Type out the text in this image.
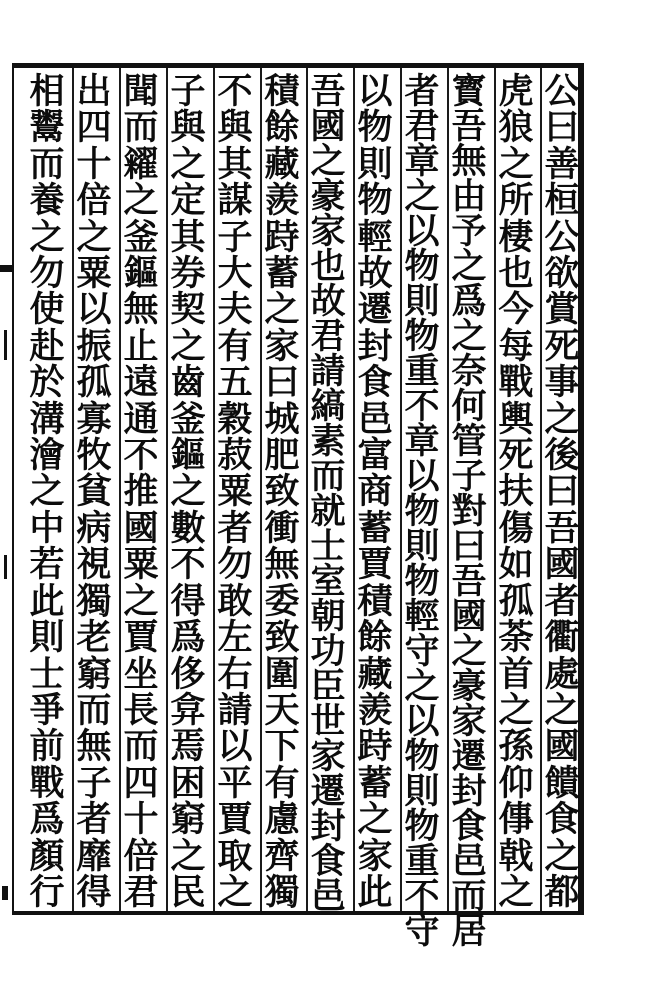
公
曰
善
桓
公
欲
賞
死
事
之
後
曰
吾
國
者
衢
處
之
國
饋
食
之
都
虎
狼
之
所
棲
也
今
每
戰
輿
死
扶
傷
如
孤
荼
首
之
孫
仰
倳
戟
之
寳
吾
無
由
予
之
爲
之
奈
何
管
子
對
曰
吾
國
之
豪
家
遷
封
食
邑
而
居
者
君
章
之
以
物
則
物
重
不
章
以
物
則
物
輕
守
之
以
物
則
物
重
不
守
以
物
則
物
輕
故
遷
封
食
邑
富
商
蓄
賈
積
餘
藏
羨
跱
蓄
之
家
此
吾
國
之
豪
家
也
故
君
請
縞
素
而
就
士
室
朝
功
臣
世
家
遷
封
食
邑
積
餘
藏
羨
跱
蓄
之
家
曰
城
肥
致
衝
無
委
致
圍
天
下
有
慮
齊
獨
不
與
其
謀
子
大
夫
有
五
穀
菽
粟
者
勿
敢
左
右
請
以
平
賈
取
之
子
與
之
定
其
券
契
之
齒
釜
鏂
之
數
不
得
爲
侈
弇
焉
困
窮
之
民
聞
而
糴
之
釜
鏂
無
止
遠
通
不
推
國
粟
之
賈
坐
長
而
四
十
倍
君
出
四
十
倍
之
粟
以
振
孤
寡
牧
貧
病
視
獨
老
窮
而
無
子
者
靡
得
相
鬻
而
養
之
勿
使
赴
於
溝
澮
之
中
若
此
則
士
爭
前
戰
爲
顏
行
